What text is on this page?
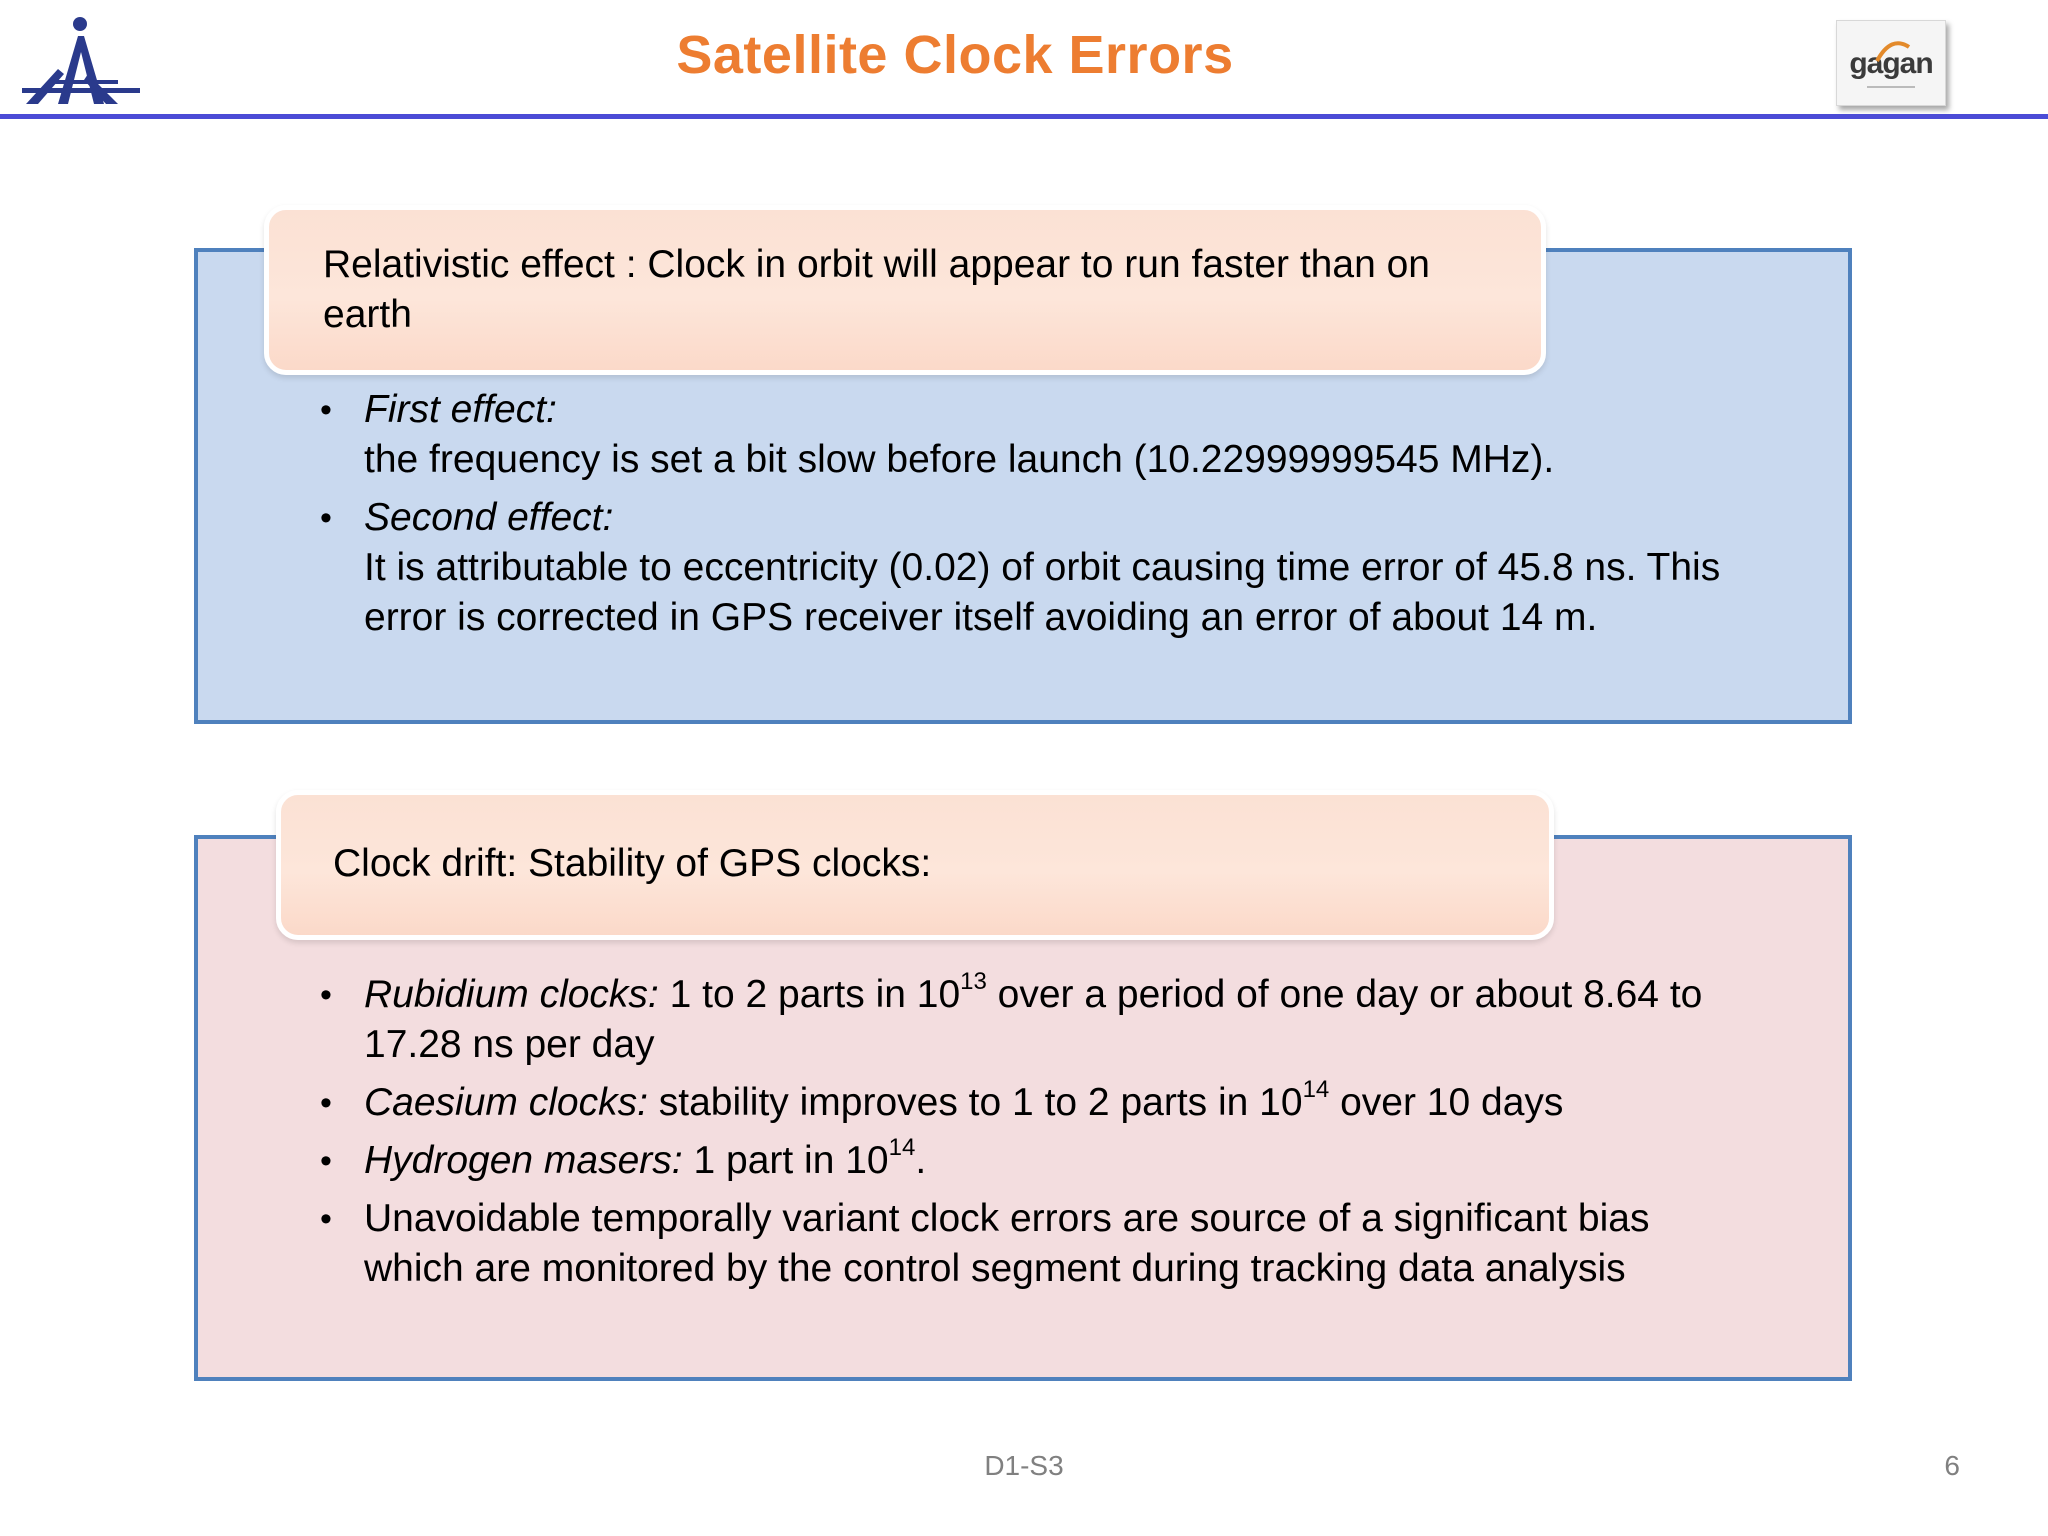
Satellite Clock Errors	gagan
Relativistic effect : Clock in orbit will appear to run faster than on earth
• First effect:
the frequency is set a bit slow before launch (10.22999999545 MHz).
• Second effect:
It is attributable to eccentricity (0.02) of orbit causing time error of 45.8 ns. This error is corrected in GPS receiver itself avoiding an error of about 14 m.
Clock drift: Stability of GPS clocks:
• Rubidium clocks: 1 to 2 parts in $10^{13}$ over a period of one day or about 8.64 to 17.28 ns per day
• Caesium clocks: stability improves to 1 to 2 parts in $10^{14}$ over 10 days
• Hydrogen masers: 1 part in $10^{14}$.
• Unavoidable temporally variant clock errors are source of a significant bias which are monitored by the control segment during tracking data analysis
D1-S3	6
